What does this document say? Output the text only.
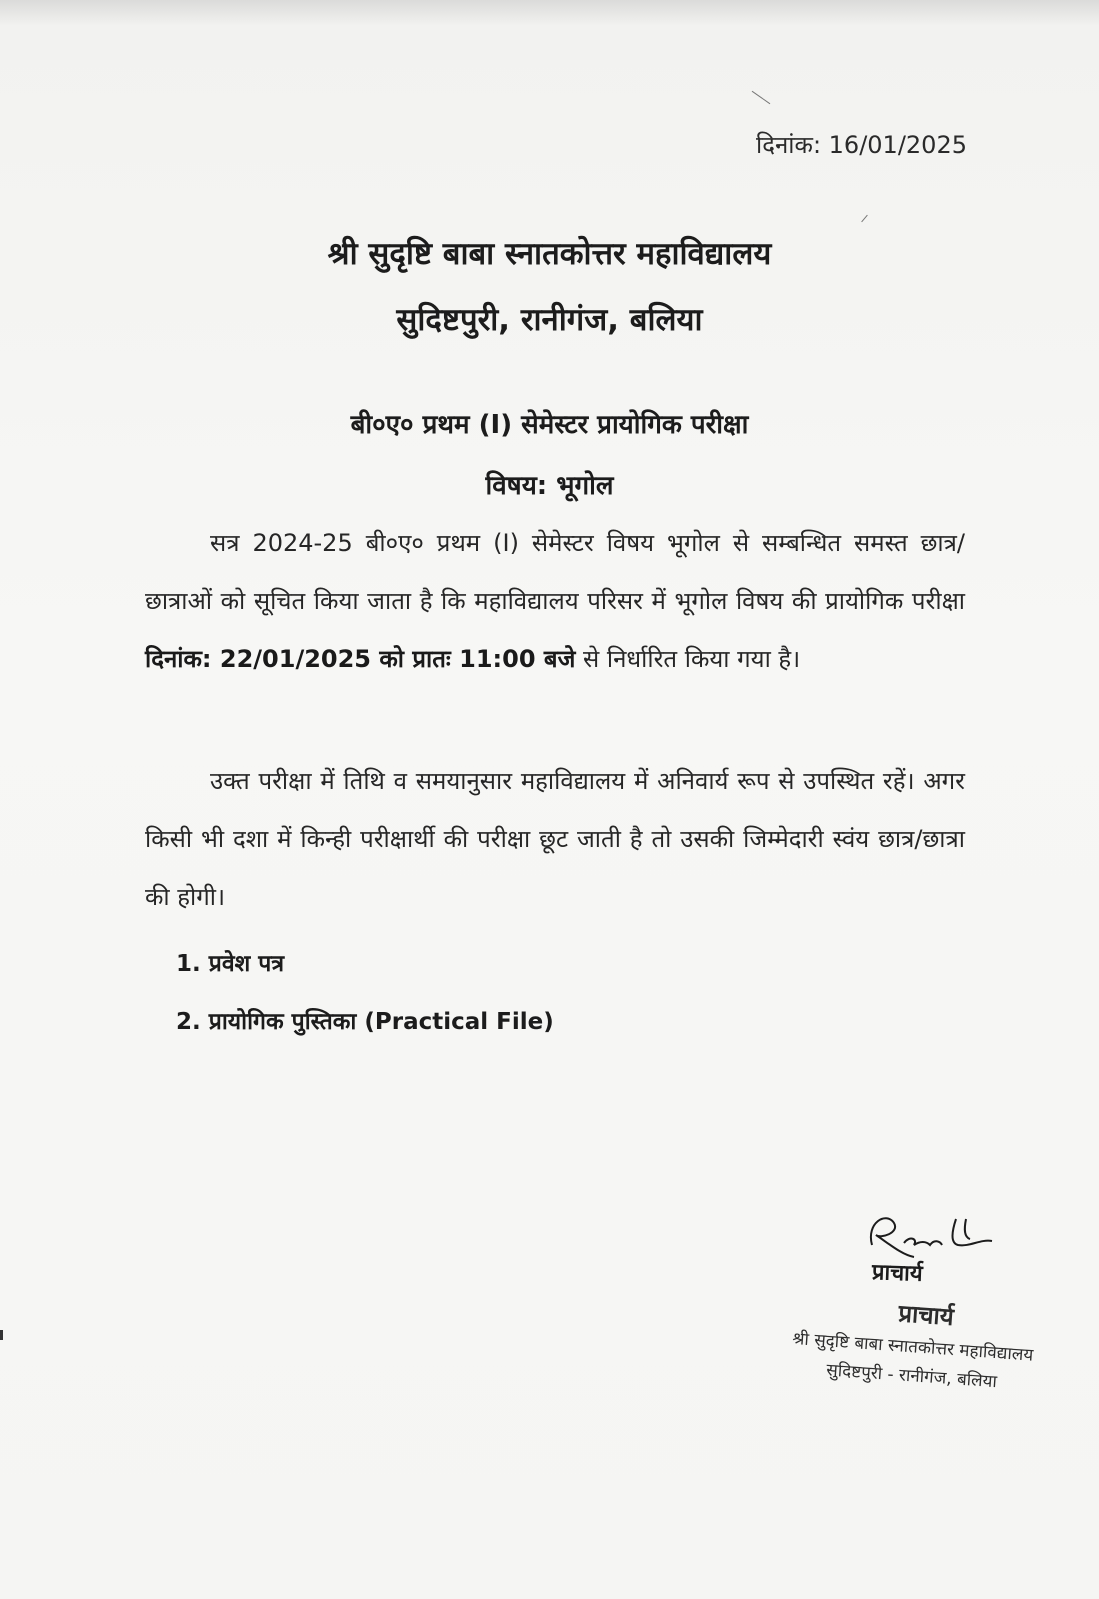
दिनांक: 16/01/2025
श्री सुदृष्टि बाबा स्नातकोत्तर महाविद्यालय
सुदिष्टपुरी, रानीगंज, बलिया
बी०ए० प्रथम (I) सेमेस्टर प्रायोगिक परीक्षा
विषय: भूगोल

सत्र 2024-25 बी०ए० प्रथम (I) सेमेस्टर विषय भूगोल से सम्बन्धित समस्त छात्र/छात्राओं को सूचित किया जाता है कि महाविद्यालय परिसर में भूगोल विषय की प्रायोगिक परीक्षा दिनांक: 22/01/2025 को प्रातः 11:00 बजे से निर्धारित किया गया है।

उक्त परीक्षा में तिथि व समयानुसार महाविद्यालय में अनिवार्य रूप से उपस्थित रहें। अगर किसी भी दशा में किन्ही परीक्षार्थी की परीक्षा छूट जाती है तो उसकी जिम्मेदारी स्वंय छात्र/छात्रा की होगी।

1. प्रवेश पत्र
2. प्रायोगिक पुस्तिका (Practical File)
प्राचार्य
प्राचार्य
श्री सुदृष्टि बाबा स्नातकोत्तर महाविद्यालय
सुदिष्टपुरी - रानीगंज, बलिया
